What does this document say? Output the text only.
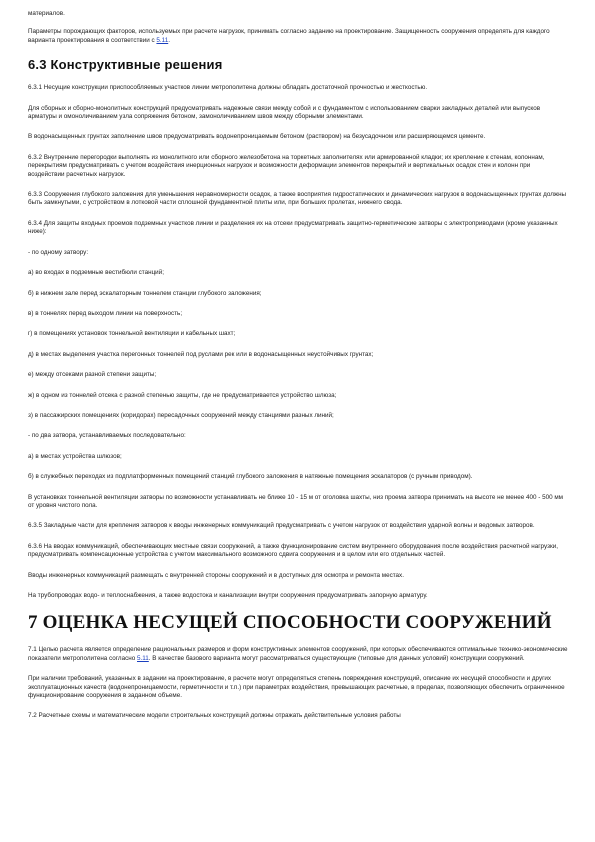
материалов.

Параметры порождающих факторов, используемых при расчете нагрузок, принимать согласно заданию на проектирование. Защищенность сооружения определять для каждого варианта проектирования в соответствии с 5.11.

6.3 Конструктивные решения

6.3.1 Несущие конструкции приспособляемых участков линии метрополитена должны обладать достаточной прочностью и жесткостью.

Для сборных и сборно-монолитных конструкций предусматривать надежные связи между собой и с фундаментом с использованием сварки закладных деталей или выпусков арматуры и омоноличиванием узла сопряжения бетоном, замоноличиванием швов между сборными элементами.

В водонасыщенных грунтах заполнение швов предусматривать водонепроницаемым бетоном (раствором) на безусадочном или расширяющемся цементе.

6.3.2 Внутренние перегородки выполнять из монолитного или сборного железобетона на торкетных заполнителях или армированной кладки; их крепление к стенам, колоннам, перекрытиям предусматривать с учетом воздействия инерционных нагрузок и возможности деформации элементов перекрытий и вертикальных осадок стен и колонн при воздействии расчетных нагрузок.

6.3.3 Сооружения глубокого заложения для уменьшения неравномерности осадок, а также восприятия гидростатических и динамических нагрузок в водонасыщенных грунтах должны быть замкнутыми, с устройством в лотковой части сплошной фундаментной плиты или, при больших пролетах, нижнего свода.

6.3.4 Для защиты входных проемов подземных участков линии и разделения их на отсеки предусматривать защитно-герметические затворы с электроприводами (кроме указанных ниже):

- по одному затвору:

а) во входах в подземные вестибюли станций;

б) в нижнем зале перед эскалаторным тоннелем станции глубокого заложения;

в) в тоннелях перед выходом линии на поверхность;

г) в помещениях установок тоннельной вентиляции и кабельных шахт;

д) в местах выделения участка перегонных тоннелей под руслами рек или в водонасыщенных неустойчивых грунтах;

е) между отсеками разной степени защиты;

ж) в одном из тоннелей отсека с разной степенью защиты, где не предусматривается устройство шлюза;

з) в пассажирских помещениях (коридорах) пересадочных сооружений между станциями разных линий;

- по два затвора, устанавливаемых последовательно:

а) в местах устройства шлюзов;

б) в служебных переходах из подплатформенных помещений станций глубокого заложения в натяжные помещения эскалаторов (с ручным приводом).

В установках тоннельной вентиляции затворы по возможности устанавливать не ближе 10 - 15 м от оголовка шахты, низ проема затвора принимать на высоте не менее 400 - 500 мм от уровня чистого пола.

6.3.5 Закладные части для крепления затворов к вводы инженерных коммуникаций предусматривать с учетом нагрузок от воздействия ударной волны и ведомых затворов.

6.3.6 На вводах коммуникаций, обеспечивающих местные связи сооружений, а также функционирование систем внутреннего оборудования после воздействия расчетной нагрузки, предусматривать компенсационные устройства с учетом максимального возможного сдвига сооружения и в целом или его отдельных частей.

Вводы инженерных коммуникаций размещать с внутренней стороны сооружений и в доступных для осмотра и ремонта местах.

На трубопроводах водо- и теплоснабжения, а также водостока и канализации внутри сооружения предусматривать запорную арматуру.

7 ОЦЕНКА НЕСУЩЕЙ СПОСОБНОСТИ СООРУЖЕНИЙ

7.1 Целью расчета является определение рациональных размеров и форм конструктивных элементов сооружений, при которых обеспечиваются оптимальные технико-экономические показатели метрополитена согласно 5.11. В качестве базового варианта могут рассматриваться существующие (типовые для данных условий) конструкции сооружений.

При наличии требований, указанных в задании на проектирование, в расчете могут определяться степень повреждения конструкций, описание их несущей способности и других эксплуатационных качеств (водонепроницаемости, герметичности и т.п.) при параметрах воздействия, превышающих расчетные, в пределах, позволяющих обеспечить ограниченное функционирование сооружения в заданном объеме.

7.2 Расчетные схемы и математические модели строительных конструкций должны отражать действительные условия работы
